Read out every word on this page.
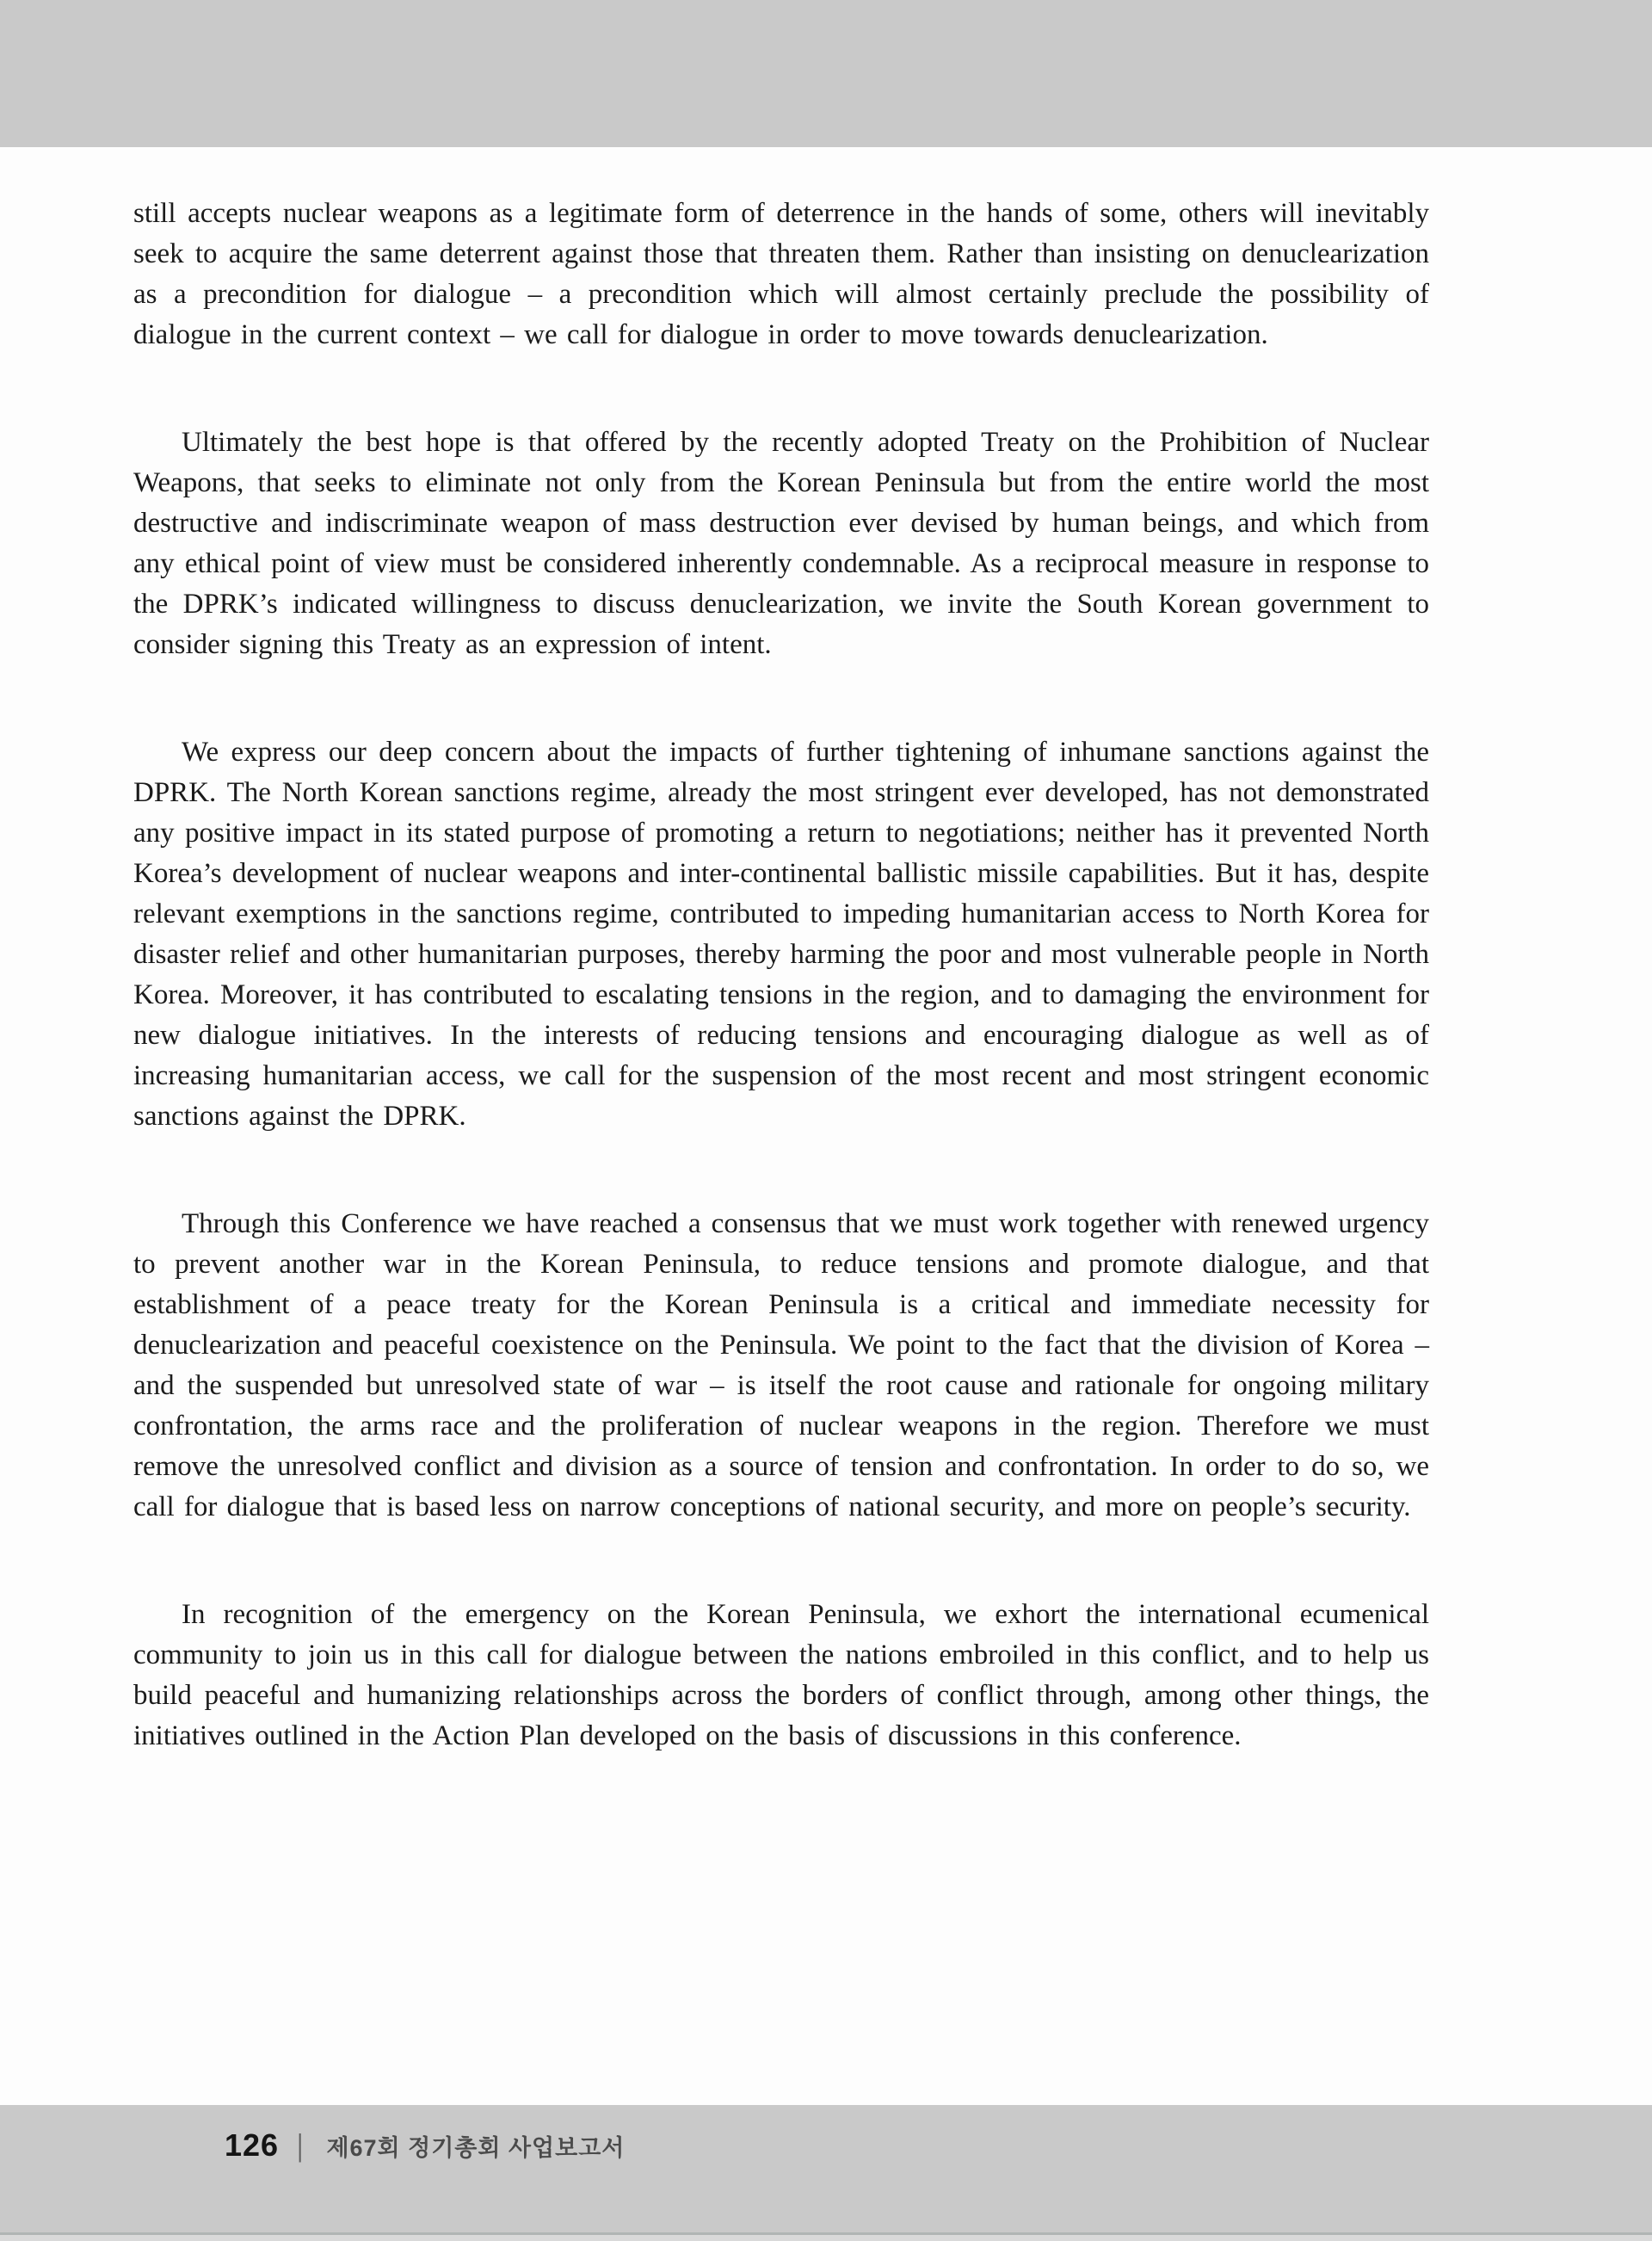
still accepts nuclear weapons as a legitimate form of deterrence in the hands of some, others will inevitably seek to acquire the same deterrent against those that threaten them. Rather than insisting on denuclearization as a precondition for dialogue – a precondition which will almost certainly preclude the possibility of dialogue in the current context – we call for dialogue in order to move towards denuclearization.

Ultimately the best hope is that offered by the recently adopted Treaty on the Prohibition of Nuclear Weapons, that seeks to eliminate not only from the Korean Peninsula but from the entire world the most destructive and indiscriminate weapon of mass destruction ever devised by human beings, and which from any ethical point of view must be considered inherently condemnable. As a reciprocal measure in response to the DPRK’s indicated willingness to discuss denuclearization, we invite the South Korean government to consider signing this Treaty as an expression of intent.

We express our deep concern about the impacts of further tightening of inhumane sanctions against the DPRK. The North Korean sanctions regime, already the most stringent ever developed, has not demonstrated any positive impact in its stated purpose of promoting a return to negotiations; neither has it prevented North Korea’s development of nuclear weapons and inter-continental ballistic missile capabilities. But it has, despite relevant exemptions in the sanctions regime, contributed to impeding humanitarian access to North Korea for disaster relief and other humanitarian purposes, thereby harming the poor and most vulnerable people in North Korea. Moreover, it has contributed to escalating tensions in the region, and to damaging the environment for new dialogue initiatives. In the interests of reducing tensions and encouraging dialogue as well as of increasing humanitarian access, we call for the suspension of the most recent and most stringent economic sanctions against the DPRK.

Through this Conference we have reached a consensus that we must work together with renewed urgency to prevent another war in the Korean Peninsula, to reduce tensions and promote dialogue, and that establishment of a peace treaty for the Korean Peninsula is a critical and immediate necessity for denuclearization and peaceful coexistence on the Peninsula. We point to the fact that the division of Korea – and the suspended but unresolved state of war – is itself the root cause and rationale for ongoing military confrontation, the arms race and the proliferation of nuclear weapons in the region. Therefore we must remove the unresolved conflict and division as a source of tension and confrontation. In order to do so, we call for dialogue that is based less on narrow conceptions of national security, and more on people’s security.

In recognition of the emergency on the Korean Peninsula, we exhort the international ecumenical community to join us in this call for dialogue between the nations embroiled in this conflict, and to help us build peaceful and humanizing relationships across the borders of conflict through, among other things, the initiatives outlined in the Action Plan developed on the basis of discussions in this conference.

126 | 제67회 정기총회 사업보고서
